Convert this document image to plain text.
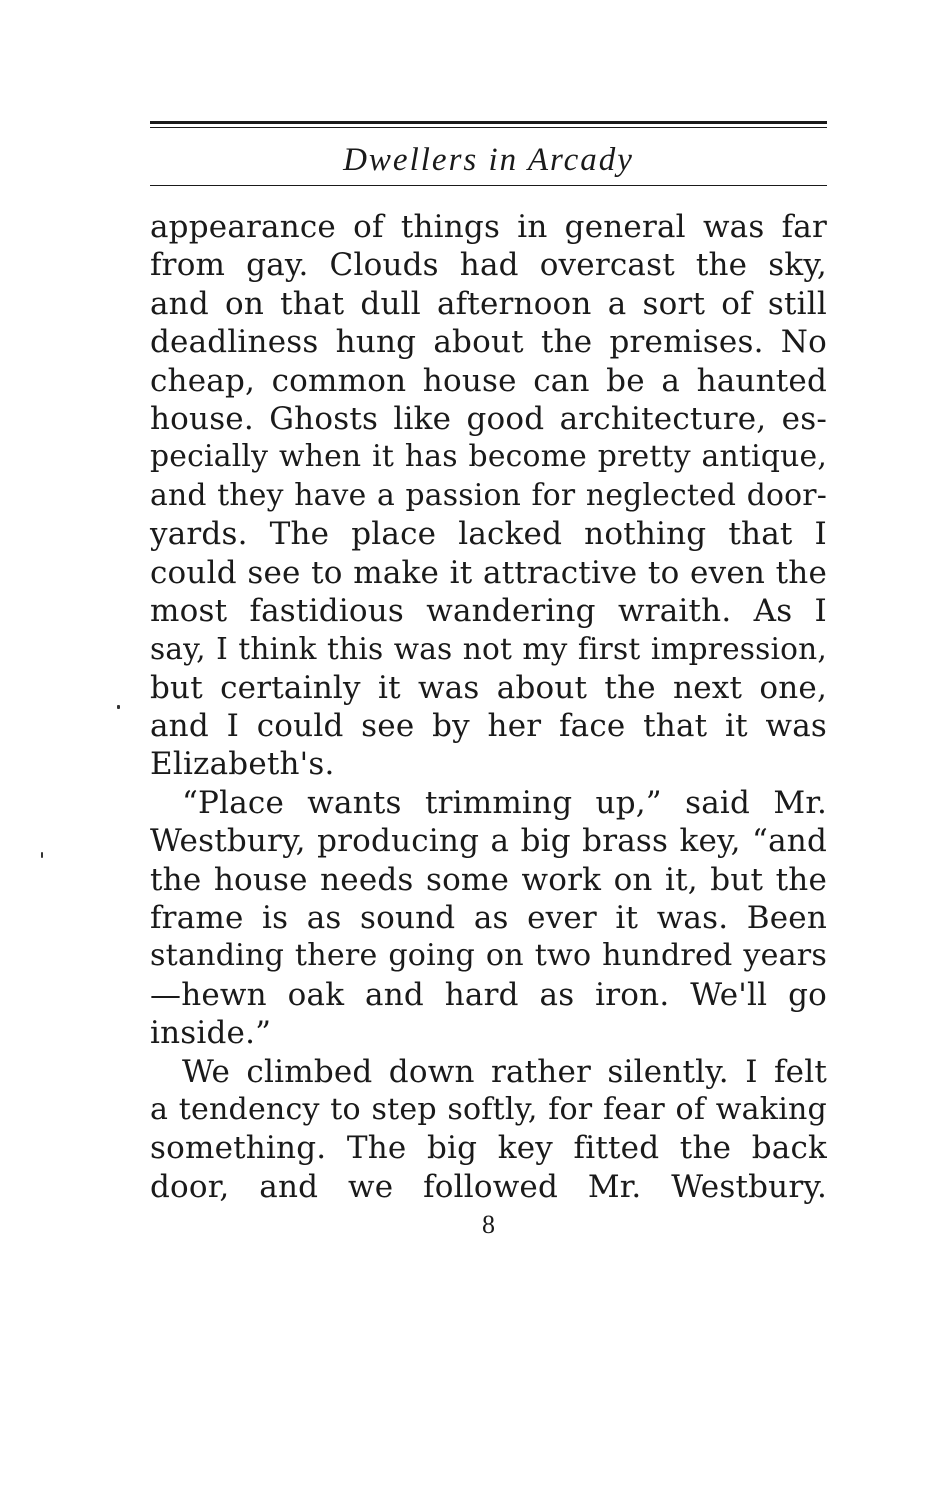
Dwellers in Arcady
appearance of things in general was far
from gay. Clouds had overcast the sky,
and on that dull afternoon a sort of still
deadliness hung about the premises. No
cheap, common house can be a haunted
house. Ghosts like good architecture, es-
pecially when it has become pretty antique,
and they have a passion for neglected door-
yards. The place lacked nothing that I
could see to make it attractive to even the
most fastidious wandering wraith. As I
say, I think this was not my first impression,
but certainly it was about the next one,
and I could see by her face that it was
Elizabeth's.
“Place wants trimming up,” said Mr.
Westbury, producing a big brass key, “and
the house needs some work on it, but the
frame is as sound as ever it was. Been
standing there going on two hundred years
—hewn oak and hard as iron. We'll go
inside.”
We climbed down rather silently. I felt
a tendency to step softly, for fear of waking
something. The big key fitted the back
door, and we followed Mr. Westbury.
8
